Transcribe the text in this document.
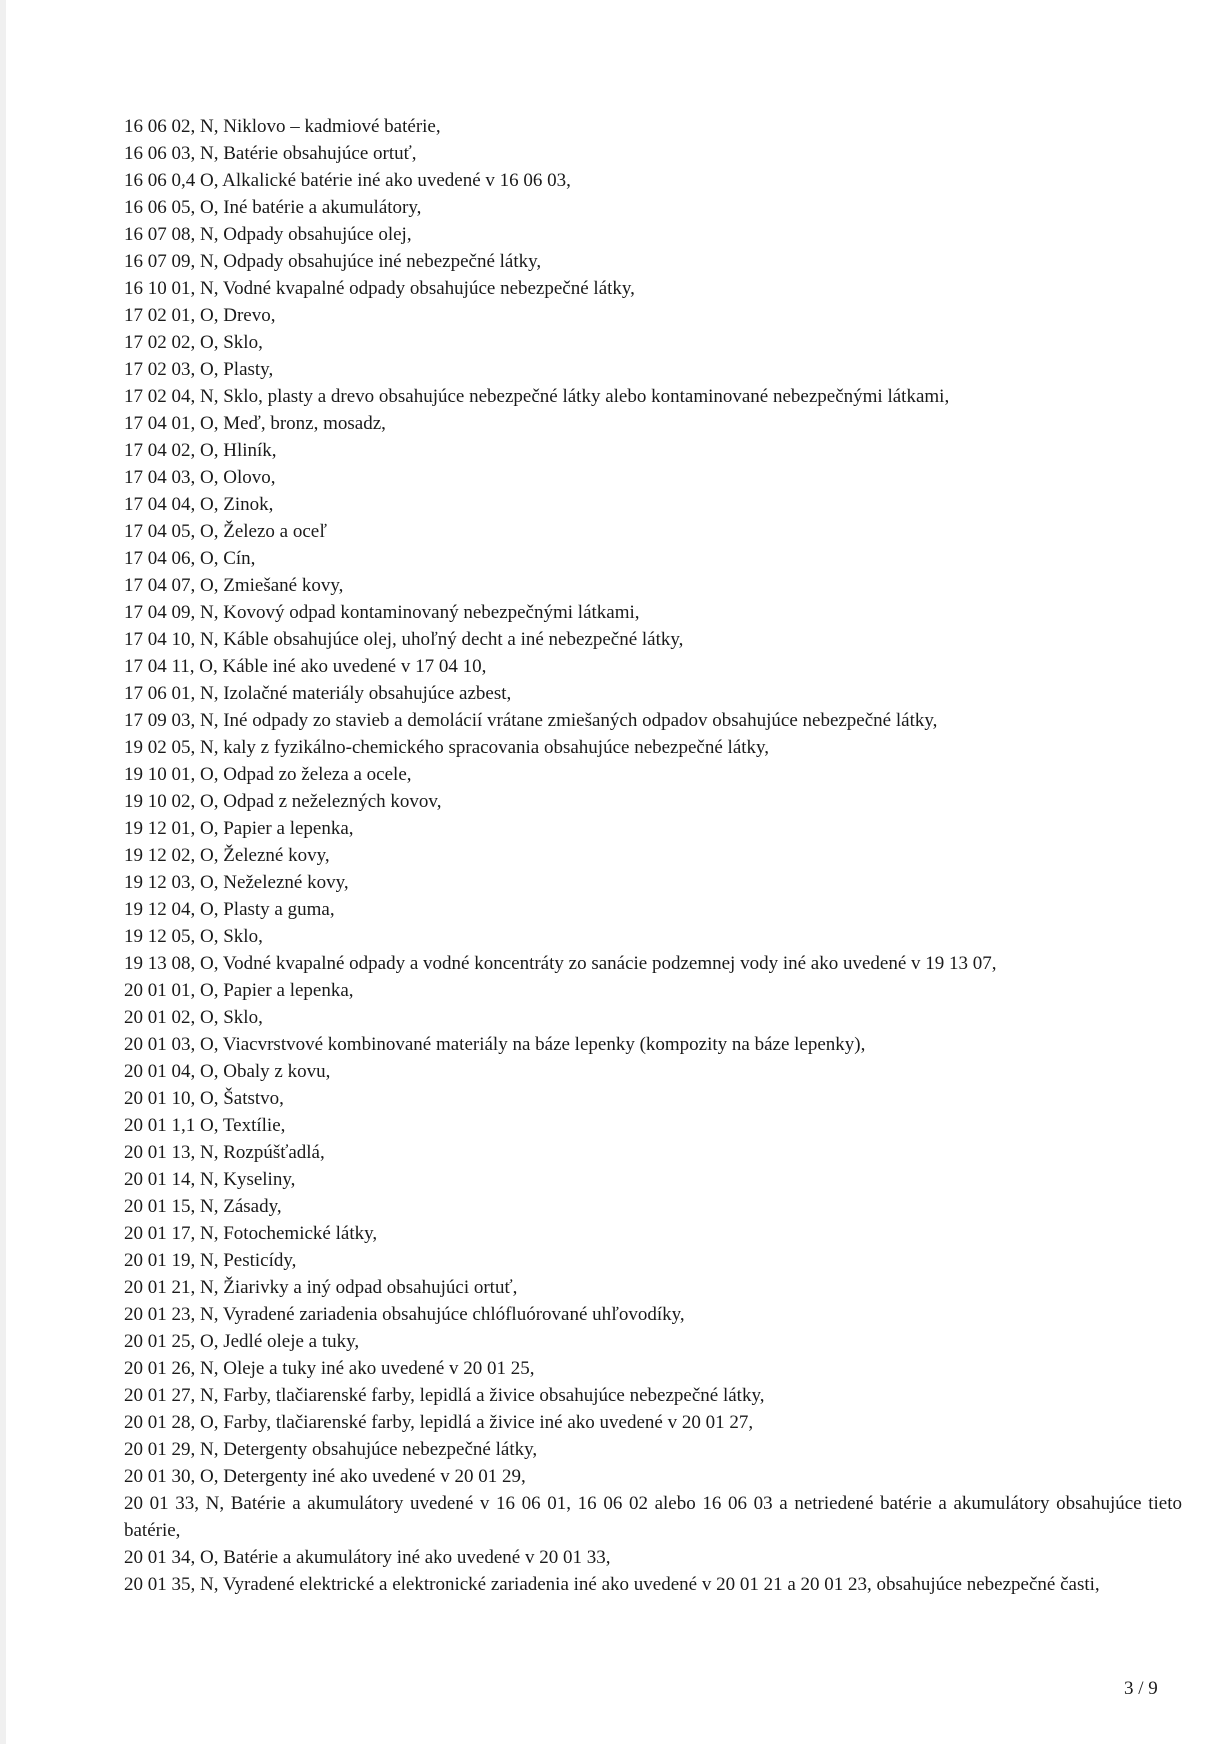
16 06 02, N, Niklovo – kadmiové batérie,

16 06 03, N, Batérie obsahujúce ortuť,

16 06 0,4 O, Alkalické batérie iné ako uvedené v 16 06 03,

16 06 05, O, Iné batérie a akumulátory,

16 07 08, N, Odpady obsahujúce olej,

16 07 09, N, Odpady obsahujúce iné nebezpečné látky,

16 10 01, N, Vodné kvapalné odpady obsahujúce nebezpečné látky,

17 02 01, O, Drevo,

17 02 02, O, Sklo,

17 02 03, O, Plasty,

17 02 04, N, Sklo, plasty a drevo obsahujúce nebezpečné látky alebo kontaminované nebezpečnými látkami,

17 04 01, O, Meď, bronz, mosadz,

17 04 02, O, Hliník,

17 04 03, O, Olovo,

17 04 04, O, Zinok,

17 04 05, O, Železo a oceľ

17 04 06, O, Cín,

17 04 07, O, Zmiešané kovy,

17 04 09, N, Kovový odpad kontaminovaný nebezpečnými látkami,

17 04 10, N, Káble obsahujúce olej, uhoľný decht a iné nebezpečné látky,

17 04 11, O, Káble iné ako uvedené v 17 04 10,

17 06 01, N, Izolačné materiály obsahujúce azbest,

17 09 03, N, Iné odpady zo stavieb a demolácií vrátane zmiešaných odpadov obsahujúce nebezpečné látky,

19 02 05, N, kaly z fyzikálno-chemického spracovania obsahujúce nebezpečné látky,

19 10 01, O, Odpad zo železa a ocele,

19 10 02, O, Odpad z neželezných kovov,

19 12 01, O, Papier a lepenka,

19 12 02, O, Železné kovy,

19 12 03, O, Neželezné kovy,

19 12 04, O, Plasty a guma,

19 12 05, O, Sklo,

19 13 08, O, Vodné kvapalné odpady a vodné koncentráty zo sanácie podzemnej vody iné ako uvedené v 19 13 07,

20 01 01, O, Papier a lepenka,

20 01 02, O, Sklo,

20 01 03, O, Viacvrstvové kombinované materiály na báze lepenky (kompozity na báze lepenky),

20 01 04, O, Obaly z kovu,

20 01 10, O, Šatstvo,

20 01 1,1 O, Textílie,

20 01 13, N, Rozpúšťadlá,

20 01 14, N, Kyseliny,

20 01 15, N, Zásady,

20 01 17, N, Fotochemické látky,

20 01 19, N, Pesticídy,

20 01 21, N, Žiarivky a iný odpad obsahujúci ortuť,

20 01 23, N, Vyradené zariadenia obsahujúce chlófluórované uhľovodíky,

20 01 25, O, Jedlé oleje a tuky,

20 01 26, N, Oleje a tuky iné ako uvedené v 20 01 25,

20 01 27, N, Farby, tlačiarenské farby, lepidlá a živice obsahujúce nebezpečné látky,

20 01 28, O, Farby, tlačiarenské farby, lepidlá a živice iné ako uvedené v 20 01 27,

20 01 29, N, Detergenty obsahujúce nebezpečné látky,

20 01 30, O, Detergenty iné ako uvedené v 20 01 29,

20 01 33, N, Batérie a akumulátory uvedené v 16 06 01, 16 06 02 alebo 16 06 03 a netriedené batérie a akumulátory obsahujúce tieto batérie,

20 01 34, O, Batérie a akumulátory iné ako uvedené v 20 01 33,

20 01 35, N, Vyradené elektrické a elektronické zariadenia iné ako uvedené v 20 01 21 a 20 01 23, obsahujúce nebezpečné časti,

3 / 9
